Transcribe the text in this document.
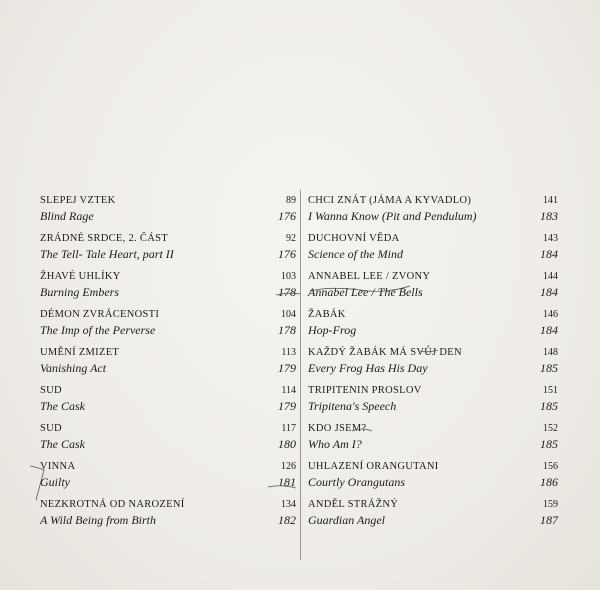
SLEPEJ VZTEK	89
Blind Rage	176
ZRÁDNÉ SRDCE, 2. ČÁST	92
The Tell- Tale Heart, part II	176
ŽHAVÉ UHLÍKY	103
Burning Embers	178
DÉMON ZVRÁCENOSTI	104
The Imp of the Perverse	178
UMĚNÍ ZMIZET	113
Vanishing Act	179
SUD	114
The Cask	179
SUD	117
The Cask	180
VINNA	126
Guilty	181
NEZKROTNÁ OD NAROZENÍ	134
A Wild Being from Birth	182
CHCI ZNÁT (JÁMA A KYVADLO)	141
I Wanna Know (Pit and Pendulum)	183
DUCHOVNÍ VĚDA	143
Science of the Mind	184
ANNABEL LEE / ZVONY	144
Annabel Lee / The Bells	184
ŽABÁK	146
Hop-Frog	184
KAŽDÝ ŽABÁK MÁ SVŮJ DEN	148
Every Frog Has His Day	185
TRIPITENIN PROSLOV	151
Tripitena's Speech	185
KDO JSEM?	152
Who Am I?	185
UHLAZENÍ ORANGUTANI	156
Courtly Orangutans	186
ANDĚL STRÁŽNÝ	159
Guardian Angel	187
